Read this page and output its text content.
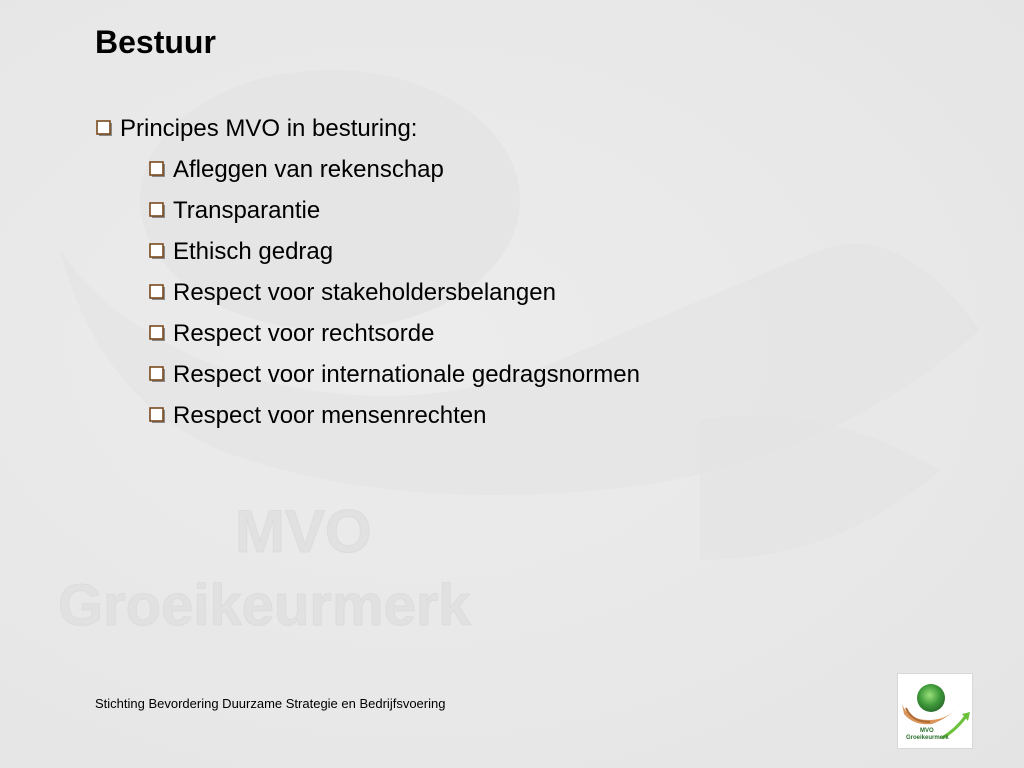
MVO
Groeikeurmerk
Bestuur
Principes MVO in besturing:
Afleggen van rekenschap
Transparantie
Ethisch gedrag
Respect voor stakeholdersbelangen
Respect voor rechtsorde
Respect voor internationale gedragsnormen
Respect voor mensenrechten
Stichting Bevordering Duurzame Strategie en Bedrijfsvoering
MVO
Groeikeurmerk
